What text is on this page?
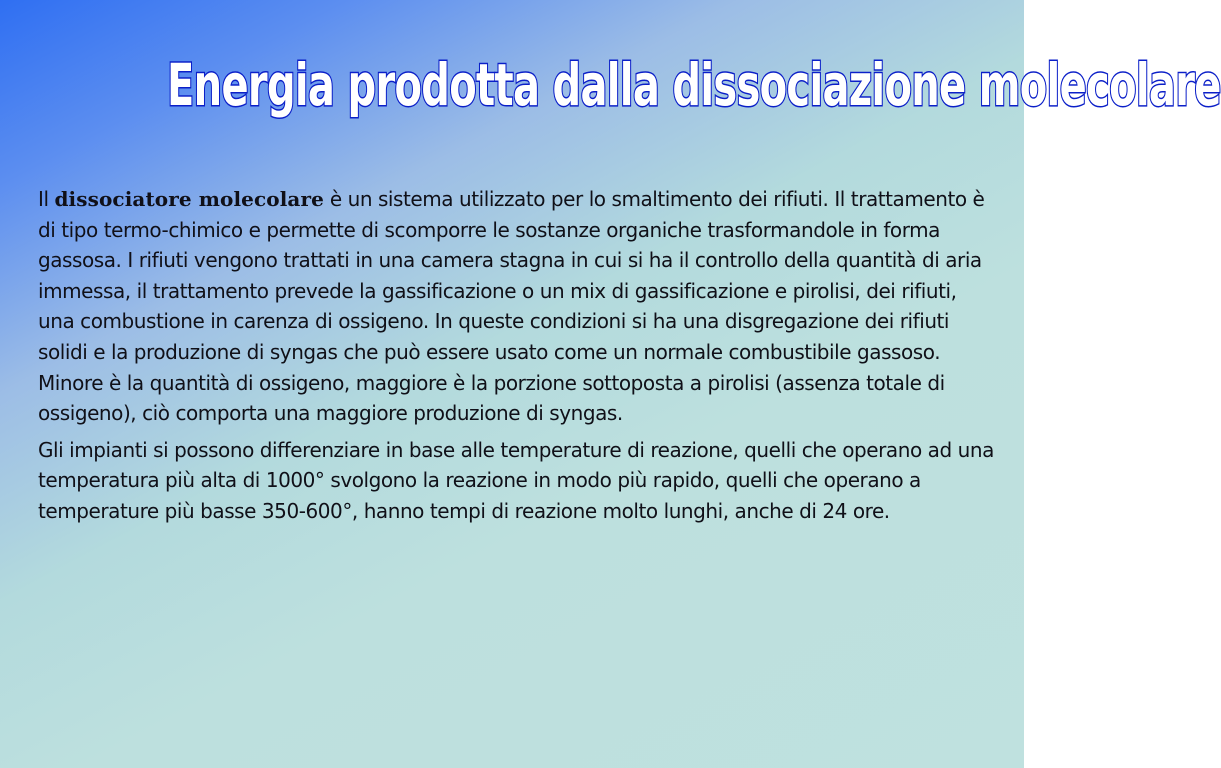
Energia prodotta dalla dissociazione molecolare

Il dissociatore molecolare è un sistema utilizzato per lo smaltimento dei rifiuti. Il trattamento è di tipo termo-chimico e permette di scomporre le sostanze organiche trasformandole in forma gassosa. I rifiuti vengono trattati in una camera stagna in cui si ha il controllo della quantità di aria immessa, il trattamento prevede la gassificazione o un mix di gassificazione e pirolisi, dei rifiuti, una combustione in carenza di ossigeno. In queste condizioni si ha una disgregazione dei rifiuti solidi e la produzione di syngas che può essere usato come un normale combustibile gassoso. Minore è la quantità di ossigeno, maggiore è la porzione sottoposta a pirolisi (assenza totale di ossigeno), ciò comporta una maggiore produzione di syngas.

Gli impianti si possono differenziare in base alle temperature di reazione, quelli che operano ad una temperatura più alta di 1000° svolgono la reazione in modo più rapido, quelli che operano a temperature più basse 350-600°, hanno tempi di reazione molto lunghi, anche di 24 ore.
